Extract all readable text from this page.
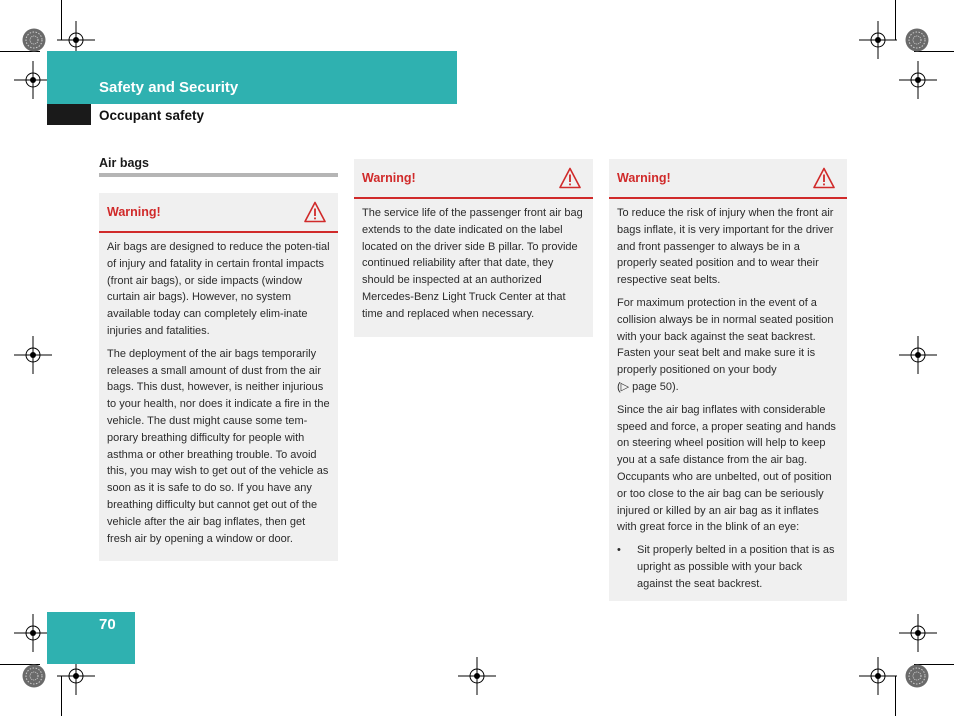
Safety and Security
Occupant safety
Air bags
Warning!

Air bags are designed to reduce the poten-tial of injury and fatality in certain frontal impacts (front air bags), or side impacts (window curtain air bags). However, no system available today can completely elim-inate injuries and fatalities.

The deployment of the air bags temporarily releases a small amount of dust from the air bags. This dust, however, is neither injurious to your health, nor does it indicate a fire in the vehicle. The dust might cause some tem-porary breathing difficulty for people with asthma or other breathing trouble. To avoid this, you may wish to get out of the vehicle as soon as it is safe to do so. If you have any breathing difficulty but cannot get out of the vehicle after the air bag inflates, then get fresh air by opening a window or door.

Warning!

The service life of the passenger front air bag extends to the date indicated on the label located on the driver side B pillar. To provide continued reliability after that date, they should be inspected at an authorized Mercedes-Benz Light Truck Center at that time and replaced when necessary.

Warning!

To reduce the risk of injury when the front air bags inflate, it is very important for the driver and front passenger to always be in a properly seated position and to wear their respective seat belts.

For maximum protection in the event of a collision always be in normal seated position with your back against the seat backrest. Fasten your seat belt and make sure it is properly positioned on your body
(▷ page 50).

Since the air bag inflates with considerable speed and force, a proper seating and hands on steering wheel position will help to keep you at a safe distance from the air bag. Occupants who are unbelted, out of position or too close to the air bag can be seriously injured or killed by an air bag as it inflates with great force in the blink of an eye:

•	Sit properly belted in a position that is as upright as possible with your back against the seat backrest.
70
